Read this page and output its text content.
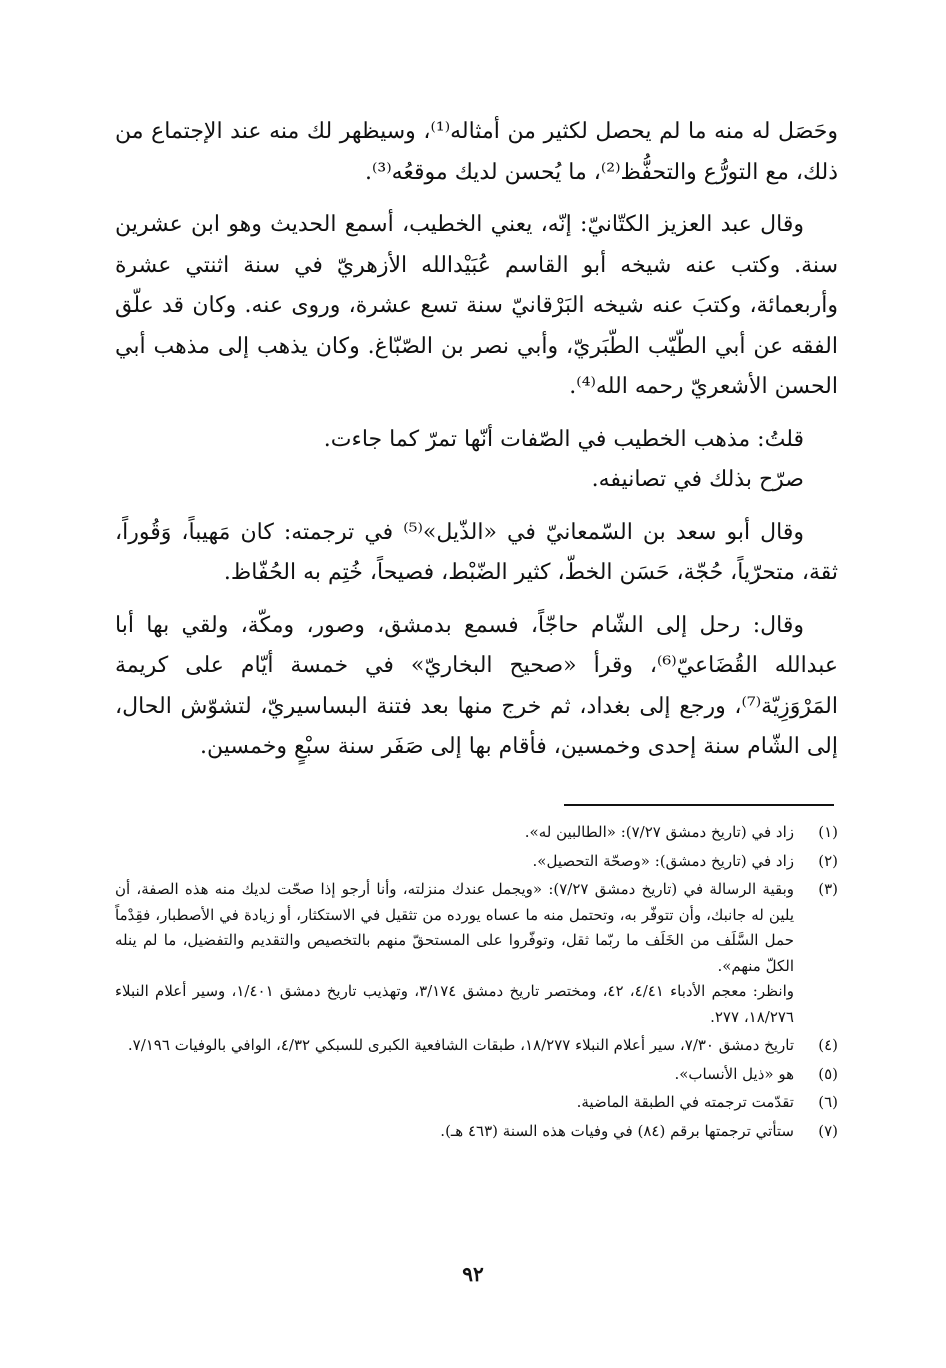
وحَصَل له منه ما لم يحصل لكثير من أمثاله⁽¹⁾، وسيظهر لك منه عند الإجتماع من ذلك، مع التورُّع والتحفُّظ⁽²⁾، ما يُحسن لديك موقعُه⁽³⁾.

وقال عبد العزيز الكتّانيّ: إنّه، يعني الخطيب، أسمع الحديث وهو ابن عشرين سنة. وكتب عنه شيخه أبو القاسم عُبَيْدالله الأزهريّ في سنة اثنتي عشرة وأربعمائة، وكتبَ عنه شيخه البَرْقانيّ سنة تسع عشرة، وروى عنه. وكان قد علّق الفقه عن أبي الطّيّب الطّبَريّ، وأبي نصر بن الصّبّاغ. وكان يذهب إلى مذهب أبي الحسن الأشعريّ رحمه الله⁽⁴⁾.

قلتُ: مذهب الخطيب في الصّفات أنّها تمرّ كما جاءت.
صرّح بذلك في تصانيفه.

وقال أبو سعد بن السّمعانيّ في «الذّيل»⁽⁵⁾ في ترجمته: كان مَهيباً، وَقُوراً، ثقة، متحرّياً، حُجّة، حَسَن الخطّ، كثير الضّبْط، فصيحاً، خُتِم به الحُفّاظ.

وقال: رحل إلى الشّام حاجّاً، فسمع بدمشق، وصور، ومكّة، ولقي بها أبا عبدالله القُضَاعيّ⁽⁶⁾، وقرأ «صحيح البخاريّ» في خمسة أيّام على كريمة المَرْوَزِيّة⁽⁷⁾، ورجع إلى بغداد، ثم خرج منها بعد فتنة البساسيريّ، لتشوّش الحال، إلى الشّام سنة إحدى وخمسين، فأقام بها إلى صَفَر سنة سبْعٍ وخمسين.

(١)

زاد في (تاريخ دمشق ٧/٢٧): «الطالبين له».

(٢)

زاد في (تاريخ دمشق): «وصحّة التحصيل».

(٣)

وبقية الرسالة في (تاريخ دمشق ٧/٢٧): «ويجمل عندك منزلته، وأنا أرجو إذا صحّت لديك منه هذه الصفة، أن يلين له جانبك، وأن تتوفّر به، وتحتمل منه ما عساه يورده من تثقيل في الاستكثار، أو زيادة في الأصطبار، فقِدْماً حمل السَّلَف من الخَلَف ما ربّما ثقل، وتوفّروا على المستحقّ منهم بالتخصيص والتقديم والتفضيل، ما لم ينله الكلّ منهم».

وانظر: معجم الأدباء ٤/٤١، ٤٢، ومختصر تاريخ دمشق ٣/١٧٤، وتهذيب تاريخ دمشق ١/٤٠١، وسير أعلام النبلاء ١٨/٢٧٦، ٢٧٧.

(٤)

تاريخ دمشق ٧/٣٠، سير أعلام النبلاء ١٨/٢٧٧، طبقات الشافعية الكبرى للسبكي ٤/٣٢، الوافي بالوفيات ٧/١٩٦.

(٥)

هو «ذيل الأنساب».

(٦)

تقدّمت ترجمته في الطبقة الماضية.

(٧)

ستأتي ترجمتها برقم (٨٤) في وفيات هذه السنة (٤٦٣ هـ).

٩٢
